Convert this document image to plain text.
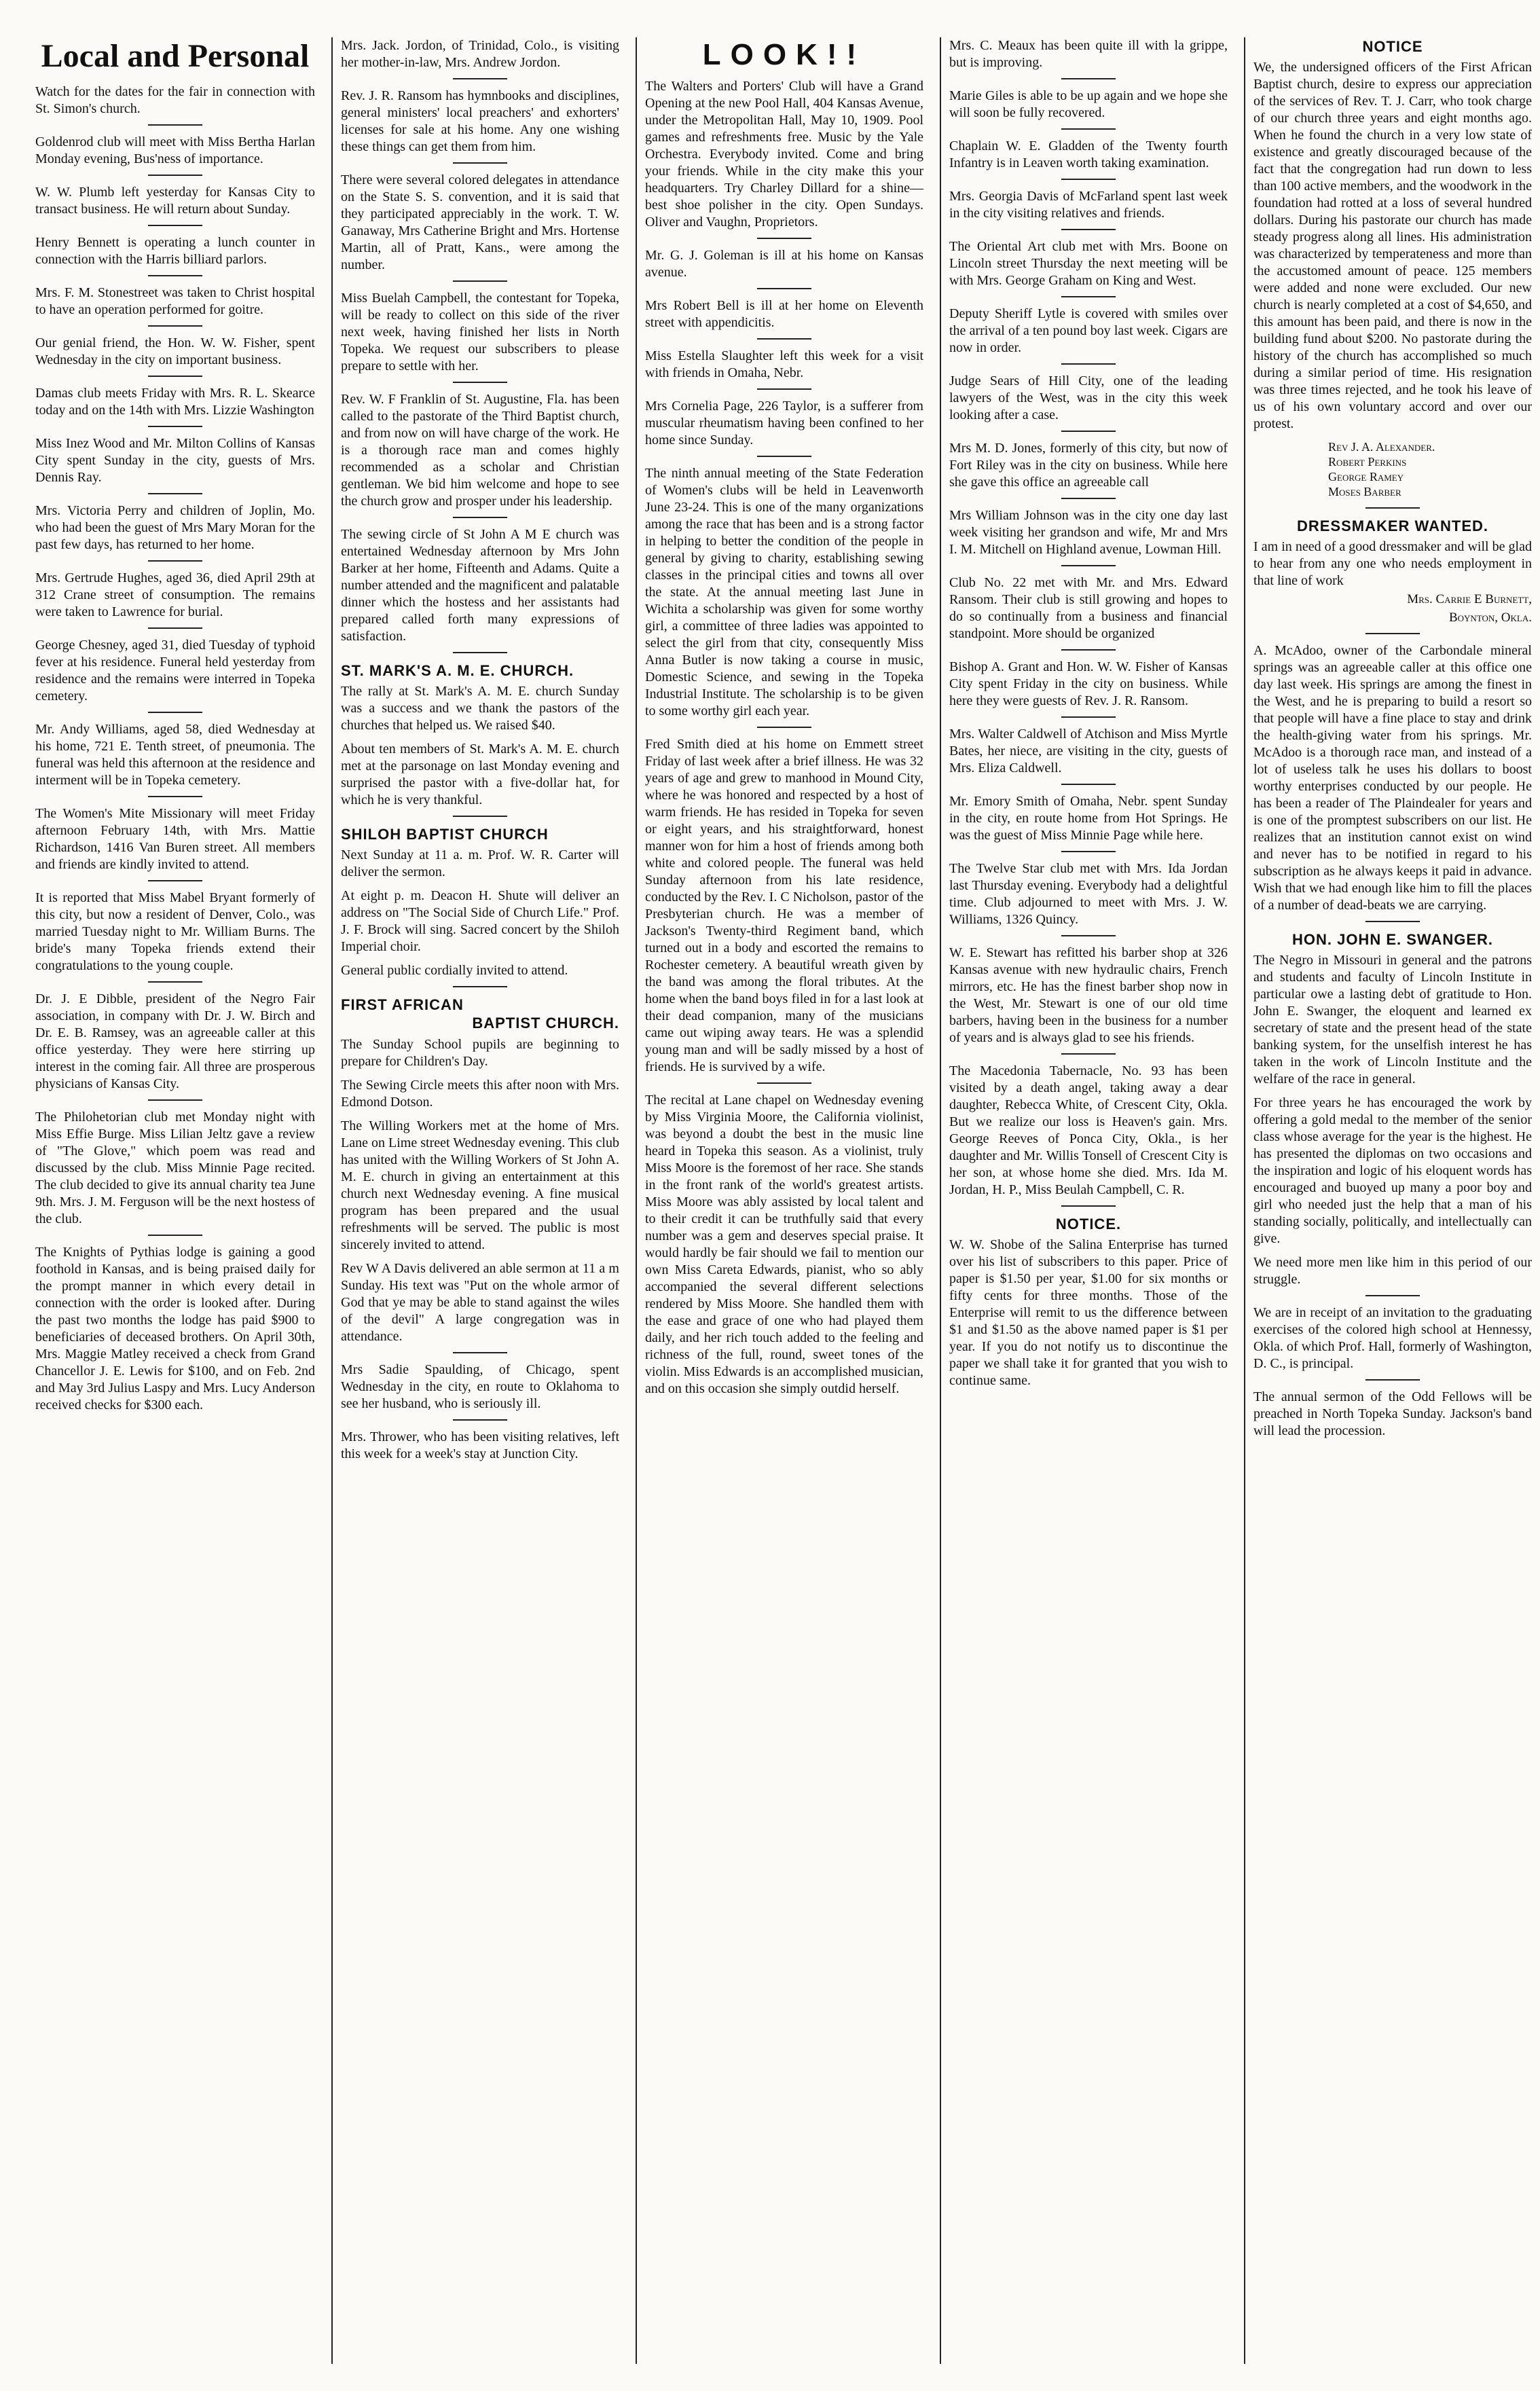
Local and Personal
Watch for the dates for the fair in connection with St. Simon's church.
Goldenrod club will meet with Miss Bertha Harlan Monday evening, Bus'ness of importance.
W. W. Plumb left yesterday for Kansas City to transact business. He will return about Sunday.
Henry Bennett is operating a lunch counter in connection with the Harris billiard parlors.
Mrs. F. M. Stonestreet was taken to Christ hospital to have an operation performed for goitre.
Our genial friend, the Hon. W. W. Fisher, spent Wednesday in the city on important business.
Damas club meets Friday with Mrs. R. L. Skearce today and on the 14th with Mrs. Lizzie Washington
Miss Inez Wood and Mr. Milton Collins of Kansas City spent Sunday in the city, guests of Mrs. Dennis Ray.
Mrs. Victoria Perry and children of Joplin, Mo. who had been the guest of Mrs Mary Moran for the past few days, has returned to her home.
Mrs. Gertrude Hughes, aged 36, died April 29th at 312 Crane street of consumption. The remains were taken to Lawrence for burial.
George Chesney, aged 31, died Tuesday of typhoid fever at his residence. Funeral held yesterday from residence and the remains were interred in Topeka cemetery.
Mr. Andy Williams, aged 58, died Wednesday at his home, 721 E. Tenth street, of pneumonia. The funeral was held this afternoon at the residence and interment will be in Topeka cemetery.
The Women's Mite Missionary will meet Friday afternoon February 14th, with Mrs. Mattie Richardson, 1416 Van Buren street. All members and friends are kindly invited to attend.
It is reported that Miss Mabel Bryant formerly of this city, but now a resident of Denver, Colo., was married Tuesday night to Mr. William Burns. The bride's many Topeka friends extend their congratulations to the young couple.
Dr. J. E Dibble, president of the Negro Fair association, in company with Dr. J. W. Birch and Dr. E. B. Ramsey, was an agreeable caller at this office yesterday. They were here stirring up interest in the coming fair. All three are prosperous physicians of Kansas City.
The Philohetorian club met Monday night with Miss Effie Burge. Miss Lilian Jeltz gave a review of "The Glove," which poem was read and discussed by the club. Miss Minnie Page recited. The club decided to give its annual charity tea June 9th. Mrs. J. M. Ferguson will be the next hostess of the club.
The Knights of Pythias lodge is gaining a good foothold in Kansas, and is being praised daily for the prompt manner in which every detail in connection with the order is looked after. During the past two months the lodge has paid $900 to beneficiaries of deceased brothers. On April 30th, Mrs. Maggie Matley received a check from Grand Chancellor J. E. Lewis for $100, and on Feb. 2nd and May 3rd Julius Laspy and Mrs. Lucy Anderson received checks for $300 each.
Mrs. Jack. Jordon, of Trinidad, Colo., is visiting her mother-in-law, Mrs. Andrew Jordon.
Rev. J. R. Ransom has hymnbooks and disciplines, general ministers' local preachers' and exhorters' licenses for sale at his home. Any one wishing these things can get them from him.
There were several colored delegates in attendance on the State S. S. convention, and it is said that they participated appreciably in the work. T. W. Ganaway, Mrs Catherine Bright and Mrs. Hortense Martin, all of Pratt, Kans., were among the number.
Miss Buelah Campbell, the contestant for Topeka, will be ready to collect on this side of the river next week, having finished her lists in North Topeka. We request our subscribers to please prepare to settle with her.
Rev. W. F Franklin of St. Augustine, Fla. has been called to the pastorate of the Third Baptist church, and from now on will have charge of the work. He is a thorough race man and comes highly recommended as a scholar and Christian gentleman. We bid him welcome and hope to see the church grow and prosper under his leadership.
The sewing circle of St John A M E church was entertained Wednesday afternoon by Mrs John Barker at her home, Fifteenth and Adams. Quite a number attended and the magnificent and palatable dinner which the hostess and her assistants had prepared called forth many expressions of satisfaction.
ST. MARK'S A. M. E. CHURCH.
The rally at St. Mark's A. M. E. church Sunday was a success and we thank the pastors of the churches that helped us. We raised $40.
About ten members of St. Mark's A. M. E. church met at the parsonage on last Monday evening and surprised the pastor with a five-dollar hat, for which he is very thankful.
SHILOH BAPTIST CHURCH
Next Sunday at 11 a. m. Prof. W. R. Carter will deliver the sermon.
At eight p. m. Deacon H. Shute will deliver an address on "The Social Side of Church Life." Prof. J. F. Brock will sing. Sacred concert by the Shiloh Imperial choir.
General public cordially invited to attend.
FIRST AFRICAN
BAPTIST CHURCH.
The Sunday School pupils are beginning to prepare for Children's Day.
The Sewing Circle meets this after noon with Mrs. Edmond Dotson.
The Willing Workers met at the home of Mrs. Lane on Lime street Wednesday evening. This club has united with the Willing Workers of St John A. M. E. church in giving an entertainment at this church next Wednesday evening. A fine musical program has been prepared and the usual refreshments will be served. The public is most sincerely invited to attend.
Rev W A Davis delivered an able sermon at 11 a m Sunday. His text was "Put on the whole armor of God that ye may be able to stand against the wiles of the devil" A large congregation was in attendance.
Mrs Sadie Spaulding, of Chicago, spent Wednesday in the city, en route to Oklahoma to see her husband, who is seriously ill.
Mrs. Thrower, who has been visiting relatives, left this week for a week's stay at Junction City.
LOOK!!
The Walters and Porters' Club will have a Grand Opening at the new Pool Hall, 404 Kansas Avenue, under the Metropolitan Hall, May 10, 1909. Pool games and refreshments free. Music by the Yale Orchestra. Everybody invited. Come and bring your friends. While in the city make this your headquarters. Try Charley Dillard for a shine—best shoe polisher in the city. Open Sundays. Oliver and Vaughn, Proprietors.
Mr. G. J. Goleman is ill at his home on Kansas avenue.
Mrs Robert Bell is ill at her home on Eleventh street with appendicitis.
Miss Estella Slaughter left this week for a visit with friends in Omaha, Nebr.
Mrs Cornelia Page, 226 Taylor, is a sufferer from muscular rheumatism having been confined to her home since Sunday.
The ninth annual meeting of the State Federation of Women's clubs will be held in Leavenworth June 23-24. This is one of the many organizations among the race that has been and is a strong factor in helping to better the condition of the people in general by giving to charity, establishing sewing classes in the principal cities and towns all over the state. At the annual meeting last June in Wichita a scholarship was given for some worthy girl, a committee of three ladies was appointed to select the girl from that city, consequently Miss Anna Butler is now taking a course in music, Domestic Science, and sewing in the Topeka Industrial Institute. The scholarship is to be given to some worthy girl each year.
Fred Smith died at his home on Emmett street Friday of last week after a brief illness. He was 32 years of age and grew to manhood in Mound City, where he was honored and respected by a host of warm friends. He has resided in Topeka for seven or eight years, and his straightforward, honest manner won for him a host of friends among both white and colored people. The funeral was held Sunday afternoon from his late residence, conducted by the Rev. I. C Nicholson, pastor of the Presbyterian church. He was a member of Jackson's Twenty-third Regiment band, which turned out in a body and escorted the remains to Rochester cemetery. A beautiful wreath given by the band was among the floral tributes. At the home when the band boys filed in for a last look at their dead companion, many of the musicians came out wiping away tears. He was a splendid young man and will be sadly missed by a host of friends. He is survived by a wife.
The recital at Lane chapel on Wednesday evening by Miss Virginia Moore, the California violinist, was beyond a doubt the best in the music line heard in Topeka this season. As a violinist, truly Miss Moore is the foremost of her race. She stands in the front rank of the world's greatest artists. Miss Moore was ably assisted by local talent and to their credit it can be truthfully said that every number was a gem and deserves special praise. It would hardly be fair should we fail to mention our own Miss Careta Edwards, pianist, who so ably accompanied the several different selections rendered by Miss Moore. She handled them with the ease and grace of one who had played them daily, and her rich touch added to the feeling and richness of the full, round, sweet tones of the violin. Miss Edwards is an accomplished musician, and on this occasion she simply outdid herself.
Mrs. C. Meaux has been quite ill with la grippe, but is improving.
Marie Giles is able to be up again and we hope she will soon be fully recovered.
Chaplain W. E. Gladden of the Twenty fourth Infantry is in Leaven worth taking examination.
Mrs. Georgia Davis of McFarland spent last week in the city visiting relatives and friends.
The Oriental Art club met with Mrs. Boone on Lincoln street Thursday the next meeting will be with Mrs. George Graham on King and West.
Deputy Sheriff Lytle is covered with smiles over the arrival of a ten pound boy last week. Cigars are now in order.
Judge Sears of Hill City, one of the leading lawyers of the West, was in the city this week looking after a case.
Mrs M. D. Jones, formerly of this city, but now of Fort Riley was in the city on business. While here she gave this office an agreeable call
Mrs William Johnson was in the city one day last week visiting her grandson and wife, Mr and Mrs I. M. Mitchell on Highland avenue, Lowman Hill.
Club No. 22 met with Mr. and Mrs. Edward Ransom. Their club is still growing and hopes to do so continually from a business and financial standpoint. More should be organized
Bishop A. Grant and Hon. W. W. Fisher of Kansas City spent Friday in the city on business. While here they were guests of Rev. J. R. Ransom.
Mrs. Walter Caldwell of Atchison and Miss Myrtle Bates, her niece, are visiting in the city, guests of Mrs. Eliza Caldwell.
Mr. Emory Smith of Omaha, Nebr. spent Sunday in the city, en route home from Hot Springs. He was the guest of Miss Minnie Page while here.
The Twelve Star club met with Mrs. Ida Jordan last Thursday evening. Everybody had a delightful time. Club adjourned to meet with Mrs. J. W. Williams, 1326 Quincy.
W. E. Stewart has refitted his barber shop at 326 Kansas avenue with new hydraulic chairs, French mirrors, etc. He has the finest barber shop now in the West, Mr. Stewart is one of our old time barbers, having been in the business for a number of years and is always glad to see his friends.
The Macedonia Tabernacle, No. 93 has been visited by a death angel, taking away a dear daughter, Rebecca White, of Crescent City, Okla. But we realize our loss is Heaven's gain. Mrs. George Reeves of Ponca City, Okla., is her daughter and Mr. Willis Tonsell of Crescent City is her son, at whose home she died. Mrs. Ida M. Jordan, H. P., Miss Beulah Campbell, C. R.
NOTICE.
W. W. Shobe of the Salina Enterprise has turned over his list of subscribers to this paper. Price of paper is $1.50 per year, $1.00 for six months or fifty cents for three months. Those of the Enterprise will remit to us the difference between $1 and $1.50 as the above named paper is $1 per year. If you do not notify us to discontinue the paper we shall take it for granted that you wish to continue same.
NOTICE
We, the undersigned officers of the First African Baptist church, desire to express our appreciation of the services of Rev. T. J. Carr, who took charge of our church three years and eight months ago. When he found the church in a very low state of existence and greatly discouraged because of the fact that the congregation had run down to less than 100 active members, and the woodwork in the foundation had rotted at a loss of several hundred dollars. During his pastorate our church has made steady progress along all lines. His administration was characterized by temperateness and more than the accustomed amount of peace. 125 members were added and none were excluded. Our new church is nearly completed at a cost of $4,650, and this amount has been paid, and there is now in the building fund about $200. No pastorate during the history of the church has accomplished so much during a similar period of time. His resignation was three times rejected, and he took his leave of us of his own voluntary accord and over our protest.
Rev J. A. Alexander.
Robert Perkins
George Ramey
Moses Barber
DRESSMAKER WANTED.
I am in need of a good dressmaker and will be glad to hear from any one who needs employment in that line of work
Mrs. Carrie E Burnett,
Boynton, Okla.
A. McAdoo, owner of the Carbondale mineral springs was an agreeable caller at this office one day last week. His springs are among the finest in the West, and he is preparing to build a resort so that people will have a fine place to stay and drink the health-giving water from his springs. Mr. McAdoo is a thorough race man, and instead of a lot of useless talk he uses his dollars to boost worthy enterprises conducted by our people. He has been a reader of The Plaindealer for years and is one of the promptest subscribers on our list. He realizes that an institution cannot exist on wind and never has to be notified in regard to his subscription as he always keeps it paid in advance. Wish that we had enough like him to fill the places of a number of dead-beats we are carrying.
HON. JOHN E. SWANGER.
The Negro in Missouri in general and the patrons and students and faculty of Lincoln Institute in particular owe a lasting debt of gratitude to Hon. John E. Swanger, the eloquent and learned ex secretary of state and the present head of the state banking system, for the unselfish interest he has taken in the work of Lincoln Institute and the welfare of the race in general.
For three years he has encouraged the work by offering a gold medal to the member of the senior class whose average for the year is the highest. He has presented the diplomas on two occasions and the inspiration and logic of his eloquent words has encouraged and buoyed up many a poor boy and girl who needed just the help that a man of his standing socially, politically, and intellectually can give.
We need more men like him in this period of our struggle.
We are in receipt of an invitation to the graduating exercises of the colored high school at Hennessy, Okla. of which Prof. Hall, formerly of Washington, D. C., is principal.
The annual sermon of the Odd Fellows will be preached in North Topeka Sunday. Jackson's band will lead the procession.
